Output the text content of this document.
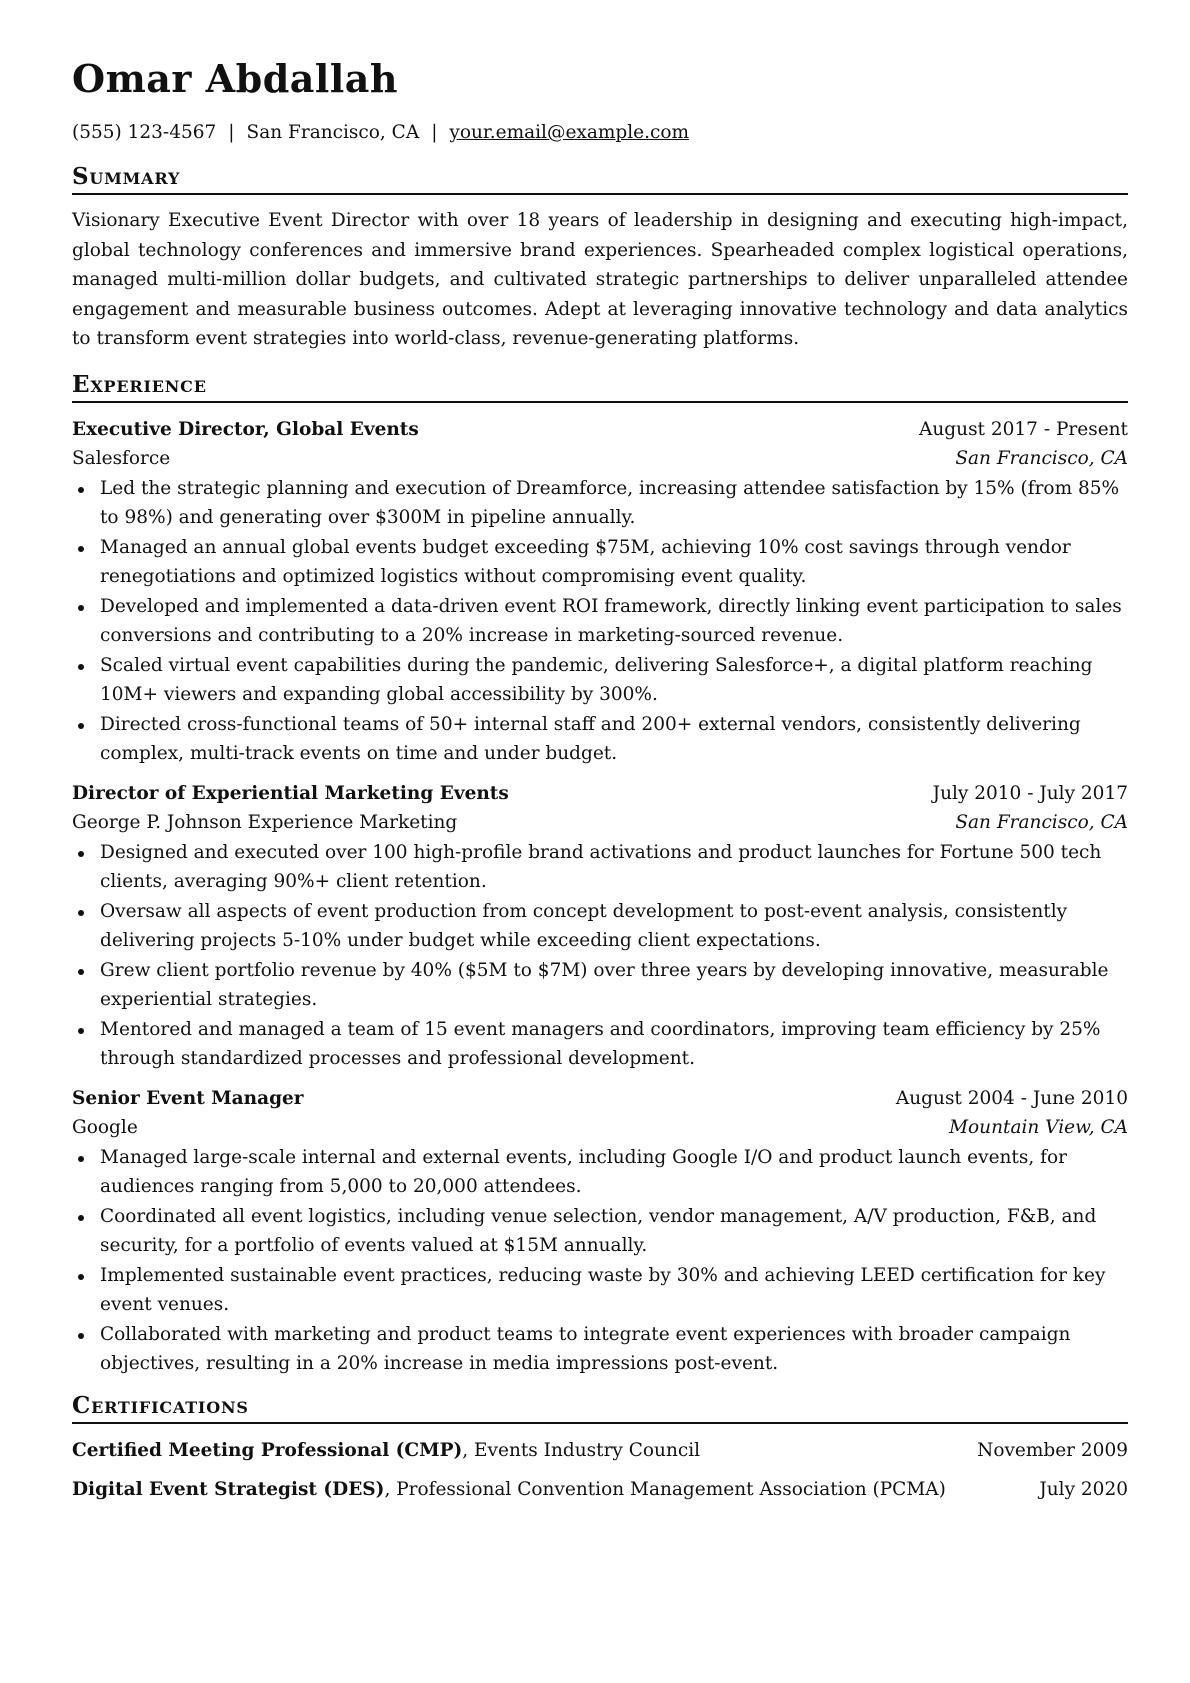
Omar Abdallah
(555) 123-4567 | San Francisco, CA | your.email@example.com
Summary
Visionary Executive Event Director with over 18 years of leadership in designing and executing high-impact, global technology conferences and immersive brand experiences. Spearheaded complex logistical operations, managed multi-million dollar budgets, and cultivated strategic partnerships to deliver unparalleled attendee engagement and measurable business outcomes. Adept at leveraging innovative technology and data analytics to transform event strategies into world-class, revenue-generating platforms.
Experience
Executive Director, Global Events	August 2017 - Present
Salesforce	San Francisco, CA
Led the strategic planning and execution of Dreamforce, increasing attendee satisfaction by 15% (from 85% to 98%) and generating over $300M in pipeline annually.
Managed an annual global events budget exceeding $75M, achieving 10% cost savings through vendor renegotiations and optimized logistics without compromising event quality.
Developed and implemented a data-driven event ROI framework, directly linking event participation to sales conversions and contributing to a 20% increase in marketing-sourced revenue.
Scaled virtual event capabilities during the pandemic, delivering Salesforce+, a digital platform reaching 10M+ viewers and expanding global accessibility by 300%.
Directed cross-functional teams of 50+ internal staff and 200+ external vendors, consistently delivering complex, multi-track events on time and under budget.
Director of Experiential Marketing Events	July 2010 - July 2017
George P. Johnson Experience Marketing	San Francisco, CA
Designed and executed over 100 high-profile brand activations and product launches for Fortune 500 tech clients, averaging 90%+ client retention.
Oversaw all aspects of event production from concept development to post-event analysis, consistently delivering projects 5-10% under budget while exceeding client expectations.
Grew client portfolio revenue by 40% ($5M to $7M) over three years by developing innovative, measurable experiential strategies.
Mentored and managed a team of 15 event managers and coordinators, improving team efficiency by 25% through standardized processes and professional development.
Senior Event Manager	August 2004 - June 2010
Google	Mountain View, CA
Managed large-scale internal and external events, including Google I/O and product launch events, for audiences ranging from 5,000 to 20,000 attendees.
Coordinated all event logistics, including venue selection, vendor management, A/V production, F&B, and security, for a portfolio of events valued at $15M annually.
Implemented sustainable event practices, reducing waste by 30% and achieving LEED certification for key event venues.
Collaborated with marketing and product teams to integrate event experiences with broader campaign objectives, resulting in a 20% increase in media impressions post-event.
Certifications
Certified Meeting Professional (CMP), Events Industry Council	November 2009
Digital Event Strategist (DES), Professional Convention Management Association (PCMA)	July 2020
